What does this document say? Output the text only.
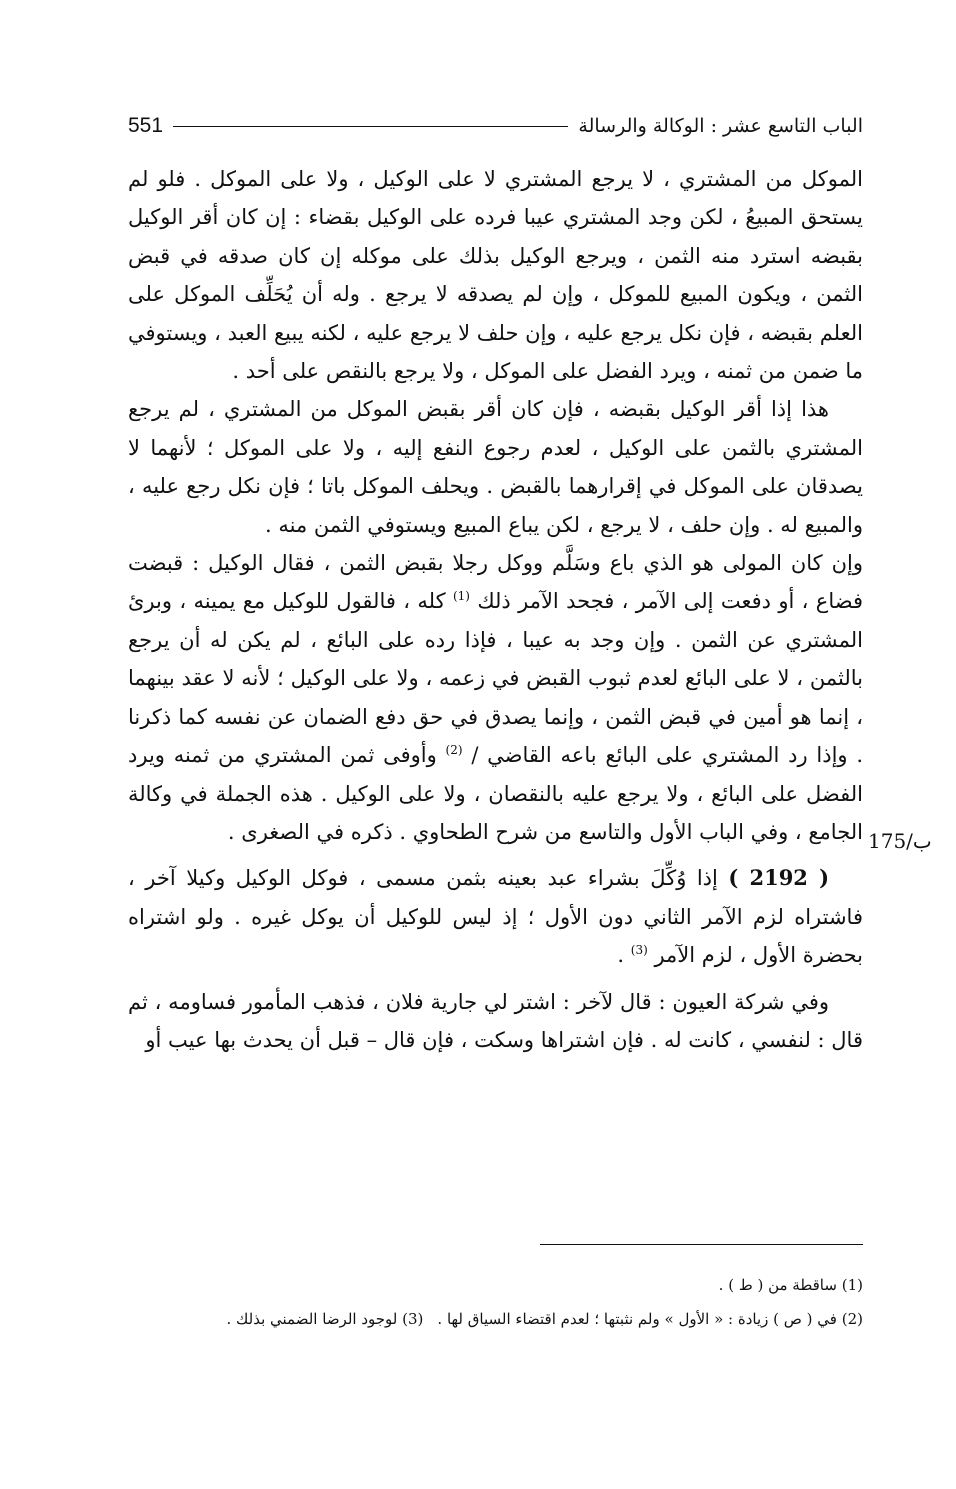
الباب التاسع عشر : الوكالة والرسالة
551

الموكل من المشتري ، لا يرجع المشتري لا على الوكيل ، ولا على الموكل . فلو لم يستحق المبيعُ ، لكن وجد المشتري عيبا فرده على الوكيل بقضاء : إن كان أقر الوكيل بقبضه استرد منه الثمن ، ويرجع الوكيل بذلك على موكله إن كان صدقه في قبض الثمن ، ويكون المبيع للموكل ، وإن لم يصدقه لا يرجع . وله أن يُحَلِّف الموكل على العلم بقبضه ، فإن نكل يرجع عليه ، وإن حلف لا يرجع عليه ، لكنه يبيع العبد ، ويستوفي ما ضمن من ثمنه ، ويرد الفضل على الموكل ، ولا يرجع بالنقص على أحد .

هذا إذا أقر الوكيل بقبضه ، فإن كان أقر بقبض الموكل من المشتري ، لم يرجع المشتري بالثمن على الوكيل ، لعدم رجوع النفع إليه ، ولا على الموكل ؛ لأنهما لا يصدقان على الموكل في إقرارهما بالقبض . ويحلف الموكل باتا ؛ فإن نكل رجع عليه ، والمبيع له . وإن حلف ، لا يرجع ، لكن يباع المبيع ويستوفي الثمن منه .

وإن كان المولى هو الذي باع وسَلَّم ووكل رجلا بقبض الثمن ، فقال الوكيل : قبضت فضاع ، أو دفعت إلى الآمر ، فجحد الآمر ذلك $^{(1)}$ كله ، فالقول للوكيل مع يمينه ، وبرئ المشتري عن الثمن . وإن وجد به عيبا ، فإذا رده على البائع ، لم يكن له أن يرجع بالثمن ، لا على البائع لعدم ثبوب القبض في زعمه ، ولا على الوكيل ؛ لأنه لا عقد بينهما ، إنما هو أمين في قبض الثمن ، وإنما يصدق في حق دفع الضمان عن نفسه كما ذكرنا . وإذا رد المشتري على البائع باعه القاضي / $^{(2)}$ وأوفى ثمن المشتري من ثمنه ويرد الفضل على البائع ، ولا يرجع عليه بالنقصان ، ولا على الوكيل . هذه الجملة في وكالة الجامع ، وفي الباب الأول والتاسع من شرح الطحاوي . ذكره في الصغرى .

( 2192 ) إذا وُكِّلَ بشراء عبد بعينه بثمن مسمى ، فوكل الوكيل وكيلا آخر ، فاشتراه لزم الآمر الثاني دون الأول ؛ إذ ليس للوكيل أن يوكل غيره . ولو اشتراه بحضرة الأول ، لزم الآمر $^{(3)}$ .

وفي شركة العيون : قال لآخر : اشتر لي جارية فلان ، فذهب المأمور فساومه ، ثم قال : لنفسي ، كانت له . فإن اشتراها وسكت ، فإن قال – قبل أن يحدث بها عيب أو

175/ب

(1) ساقطة من ( ط ) .

(2) في ( ص ) زيادة : « الأول » ولم نثبتها ؛ لعدم اقتضاء السياق لها .(3) لوجود الرضا الضمني بذلك .
